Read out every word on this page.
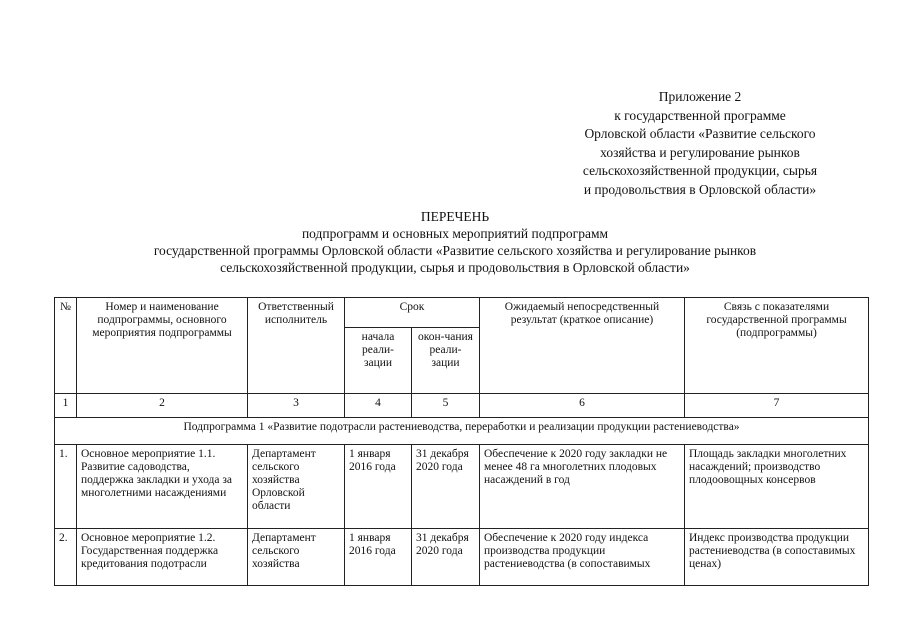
Приложение 2
к государственной программе
Орловской области «Развитие сельского
хозяйства и регулирование рынков
сельскохозяйственной продукции, сырья
и продовольствия в Орловской области»
ПЕРЕЧЕНЬ
подпрограмм и основных мероприятий подпрограмм
государственной программы Орловской области «Развитие сельского хозяйства и регулирование рынков
сельскохозяйственной продукции, сырья и продовольствия в Орловской области»
№	Номер и наименование подпрограммы, основного мероприятия подпрограммы	Ответственный исполнитель	Срок		Ожидаемый непосредственный результат (краткое описание)	Связь с показателями государственной программы (подпрограммы)
			начала реали-зации	окон-чания реали-зации		
1	2	3	4	5	6	7
Подпрограмма 1 «Развитие подотрасли растениеводства, переработки и реализации продукции растениеводства»						
1.	Основное мероприятие 1.1. Развитие садоводства, поддержка закладки и ухода за многолетними насаждениями	Департамент сельского хозяйства Орловской области	1 января 2016 года	31 декабря 2020 года	Обеспечение к 2020 году закладки не менее 48 га многолетних плодовых насаждений в год	Площадь закладки многолетних насаждений; производство плодоовощных консервов

2.	Основное мероприятие 1.2. Государственная поддержка кредитования подотрасли	Департамент сельского хозяйства	1 января 2016 года	31 декабря 2020 года	Обеспечение к 2020 году индекса производства продукции растениеводства (в сопоставимых	Индекс производства продукции растениеводства (в сопоставимых ценах)
